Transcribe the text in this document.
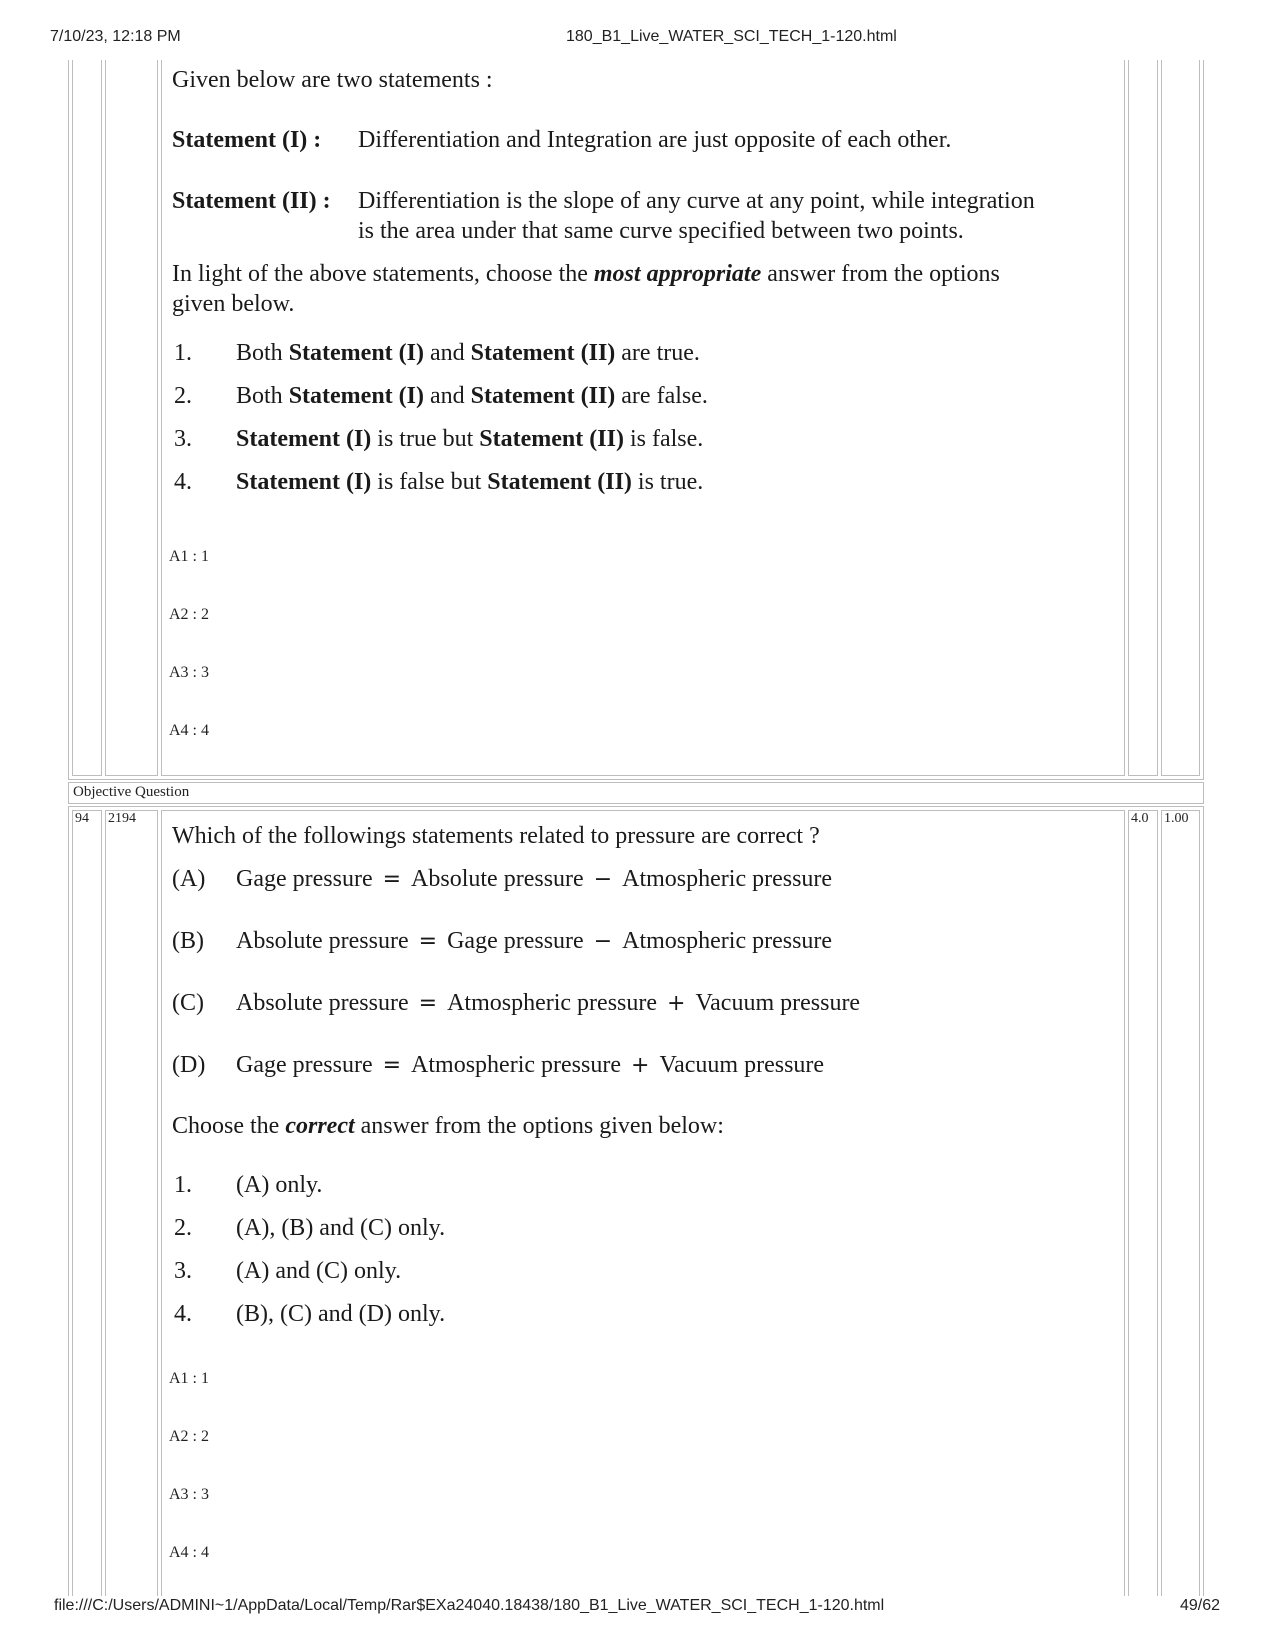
7/10/23, 12:18 PM	180_B1_Live_WATER_SCI_TECH_1-120.html
Given below are two statements :
Statement (I) : Differentiation and Integration are just opposite of each other.
Statement (II) : Differentiation is the slope of any curve at any point, while integration
is the area under that same curve specified between two points.
In light of the above statements, choose the most appropriate answer from the options
given below.
1. Both Statement (I) and Statement (II) are true.
2. Both Statement (I) and Statement (II) are false.
3. Statement (I) is true but Statement (II) is false.
4. Statement (I) is false but Statement (II) is true.
A1 : 1
A2 : 2
A3 : 3
A4 : 4
Objective Question
94 2194	4.0 1.00
Which of the followings statements related to pressure are correct ?
(A) Gage pressure = Absolute pressure − Atmospheric pressure
(B) Absolute pressure = Gage pressure − Atmospheric pressure
(C) Absolute pressure = Atmospheric pressure + Vacuum pressure
(D) Gage pressure = Atmospheric pressure + Vacuum pressure
Choose the correct answer from the options given below:
1. (A) only.
2. (A), (B) and (C) only.
3. (A) and (C) only.
4. (B), (C) and (D) only.
A1 : 1
A2 : 2
A3 : 3
A4 : 4
file:///C:/Users/ADMINI~1/AppData/Local/Temp/Rar$EXa24040.18438/180_B1_Live_WATER_SCI_TECH_1-120.html	49/62
